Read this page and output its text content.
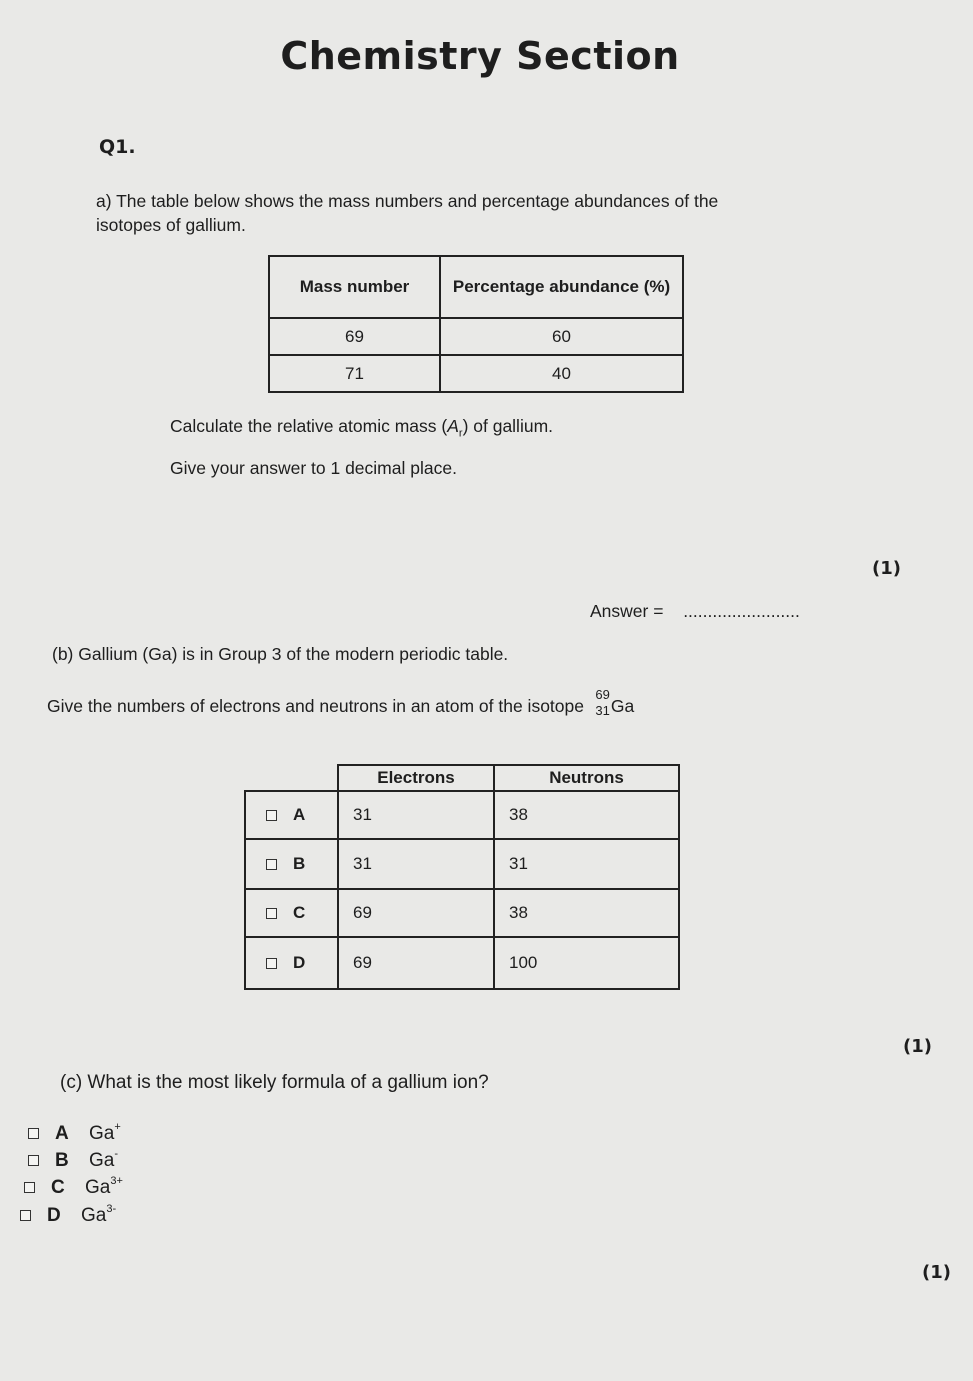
Chemistry Section
Q1.
a) The table below shows the mass numbers and percentage abundances of the
isotopes of gallium.
Mass number	Percentage abundance (%)
69	60
71	40
Calculate the relative atomic mass $(A_r)$ of gallium.
Give your answer to 1 decimal place.
(1)
Answer =  ........................
(b) Gallium (Ga) is in Group 3 of the modern periodic table.
Give the numbers of electrons and neutrons in an atom of the isotope
69
31 Ga
	Electrons	Neutrons
A	31	38
B	31	31
C	69	38
D	69	100
(1)
(c) What is the most likely formula of a gallium ion?
A Ga+
B Ga-
C $Ga^{3+}$
D $Ga^{3-}$
(1)
